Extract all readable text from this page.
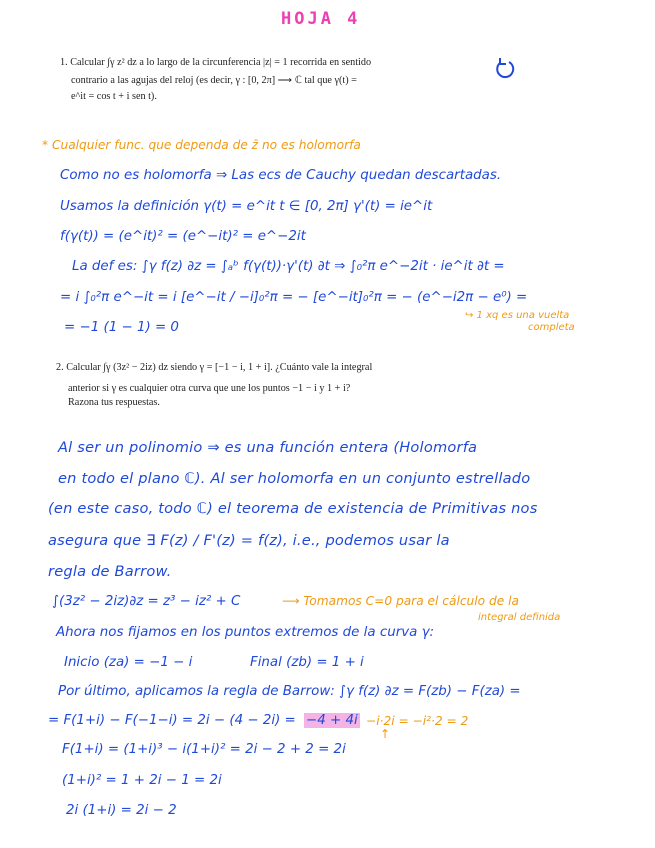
HOJA 4
1. Calcular ∫γ z² dz a lo largo de la circunferencia |z| = 1 recorrida en sentido
contrario a las agujas del reloj (es decir, γ : [0, 2π] ⟶ ℂ tal que γ(t) =
e^it = cos t + i sen t).
* Cualquier func. que dependa de z̄ no es holomorfa
Como no es holomorfa ⇒ Las ecs de Cauchy quedan descartadas.
Usamos la definición γ(t) = e^it t ∈ [0, 2π] γ'(t) = ie^it
f(γ(t)) = (e^it)² = (e^−it)² = e^−2it
La def es: ∫γ f(z) ∂z = ∫ₐᵇ f(γ(t))·γ'(t) ∂t ⇒ ∫₀²π e^−2it · ie^it ∂t =
= i ∫₀²π e^−it = i [e^−it / −i]₀²π = − [e^−it]₀²π = − (e^−i2π − e⁰) =
= −1 (1 − 1) = 0
↪ 1 xq es una vuelta
completa
2. Calcular ∫γ (3z² − 2iz) dz siendo γ = [−1 − i, 1 + i]. ¿Cuánto vale la integral
anterior si γ es cualquier otra curva que une los puntos −1 − i y 1 + i?
Razona tus respuestas.
Al ser un polinomio ⇒ es una función entera (Holomorfa
en todo el plano ℂ). Al ser holomorfa en un conjunto estrellado
(en este caso, todo ℂ) el teorema de existencia de Primitivas nos
asegura que ∃ F(z) / F'(z) = f(z), i.e., podemos usar la
regla de Barrow.
∫(3z² − 2iz)∂z = z³ − iz² + C	⟶ Tomamos C=0 para el cálculo de la
integral definida
Ahora nos fijamos en los puntos extremos de la curva γ:
Inicio (za) = −1 − i	Final (zb) = 1 + i
Por último, aplicamos la regla de Barrow: ∫γ f(z) ∂z = F(zb) − F(za) =
= F(1+i) − F(−1−i) = 2i − (4 − 2i) = −4 + 4i −i·2i = −i²·2 = 2
↑
F(1+i) = (1+i)³ − i(1+i)² = 2i − 2 + 2 = 2i
(1+i)² = 1 + 2i − 1 = 2i
2i (1+i) = 2i − 2
